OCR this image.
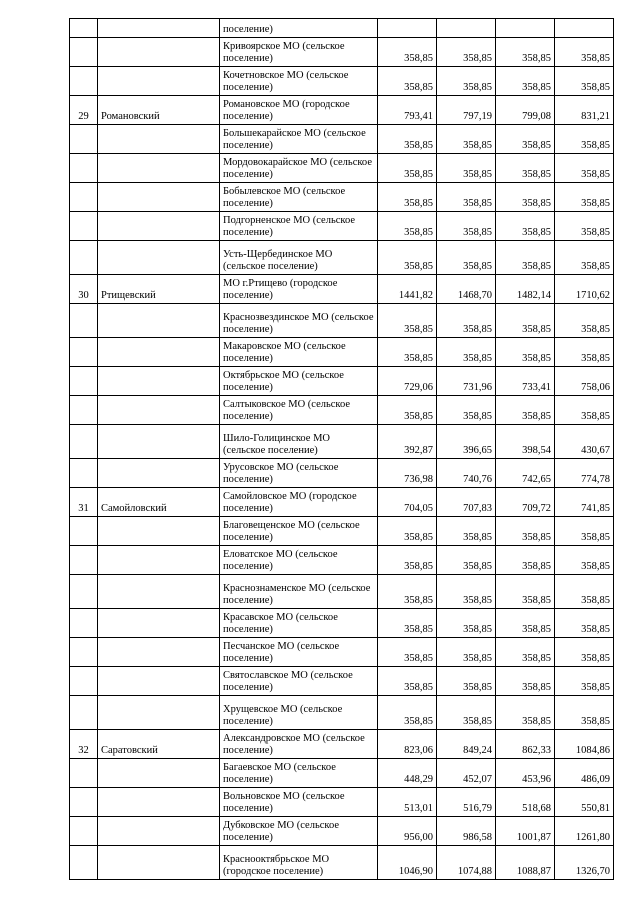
		поселение)				
		Кривоярское МО (сельское поселение)	358,85	358,85	358,85	358,85
		Кочетновское МО (сельское поселение)	358,85	358,85	358,85	358,85
29	Романовский	Романовское МО (городское поселение)	793,41	797,19	799,08	831,21
		Большекарайское МО (сельское поселение)	358,85	358,85	358,85	358,85
		Мордовокарайское МО (сельское поселение)	358,85	358,85	358,85	358,85
		Бобылевское МО (сельское поселение)	358,85	358,85	358,85	358,85
		Подгорненское МО (сельское поселение)	358,85	358,85	358,85	358,85
		Усть-Щербединское МО (сельское поселение)	358,85	358,85	358,85	358,85
30	Ртищевский	МО г.Ртищево (городское поселение)	1441,82	1468,70	1482,14	1710,62
		Краснозвездинское МО (сельское поселение)	358,85	358,85	358,85	358,85
		Макаровское МО (сельское поселение)	358,85	358,85	358,85	358,85
		Октябрьское МО (сельское поселение)	729,06	731,96	733,41	758,06
		Салтыковское МО (сельское поселение)	358,85	358,85	358,85	358,85
		Шило-Голицинское МО (сельское поселение)	392,87	396,65	398,54	430,67
		Урусовское МО (сельское поселение)	736,98	740,76	742,65	774,78
31	Самойловский	Самойловское МО (городское поселение)	704,05	707,83	709,72	741,85
		Благовещенское МО (сельское поселение)	358,85	358,85	358,85	358,85
		Еловатское МО (сельское поселение)	358,85	358,85	358,85	358,85
		Краснознаменское МО (сельское поселение)	358,85	358,85	358,85	358,85
		Красавское МО (сельское поселение)	358,85	358,85	358,85	358,85
		Песчанское МО (сельское поселение)	358,85	358,85	358,85	358,85
		Святославское МО (сельское поселение)	358,85	358,85	358,85	358,85
		Хрущевское МО (сельское поселение)	358,85	358,85	358,85	358,85
32	Саратовский	Александровское МО (сельское поселение)	823,06	849,24	862,33	1084,86
		Багаевское МО (сельское поселение)	448,29	452,07	453,96	486,09
		Вольновское МО (сельское поселение)	513,01	516,79	518,68	550,81
		Дубковское МО (сельское поселение)	956,00	986,58	1001,87	1261,80
		Краснооктябрьское МО (городское поселение)	1046,90	1074,88	1088,87	1326,70
